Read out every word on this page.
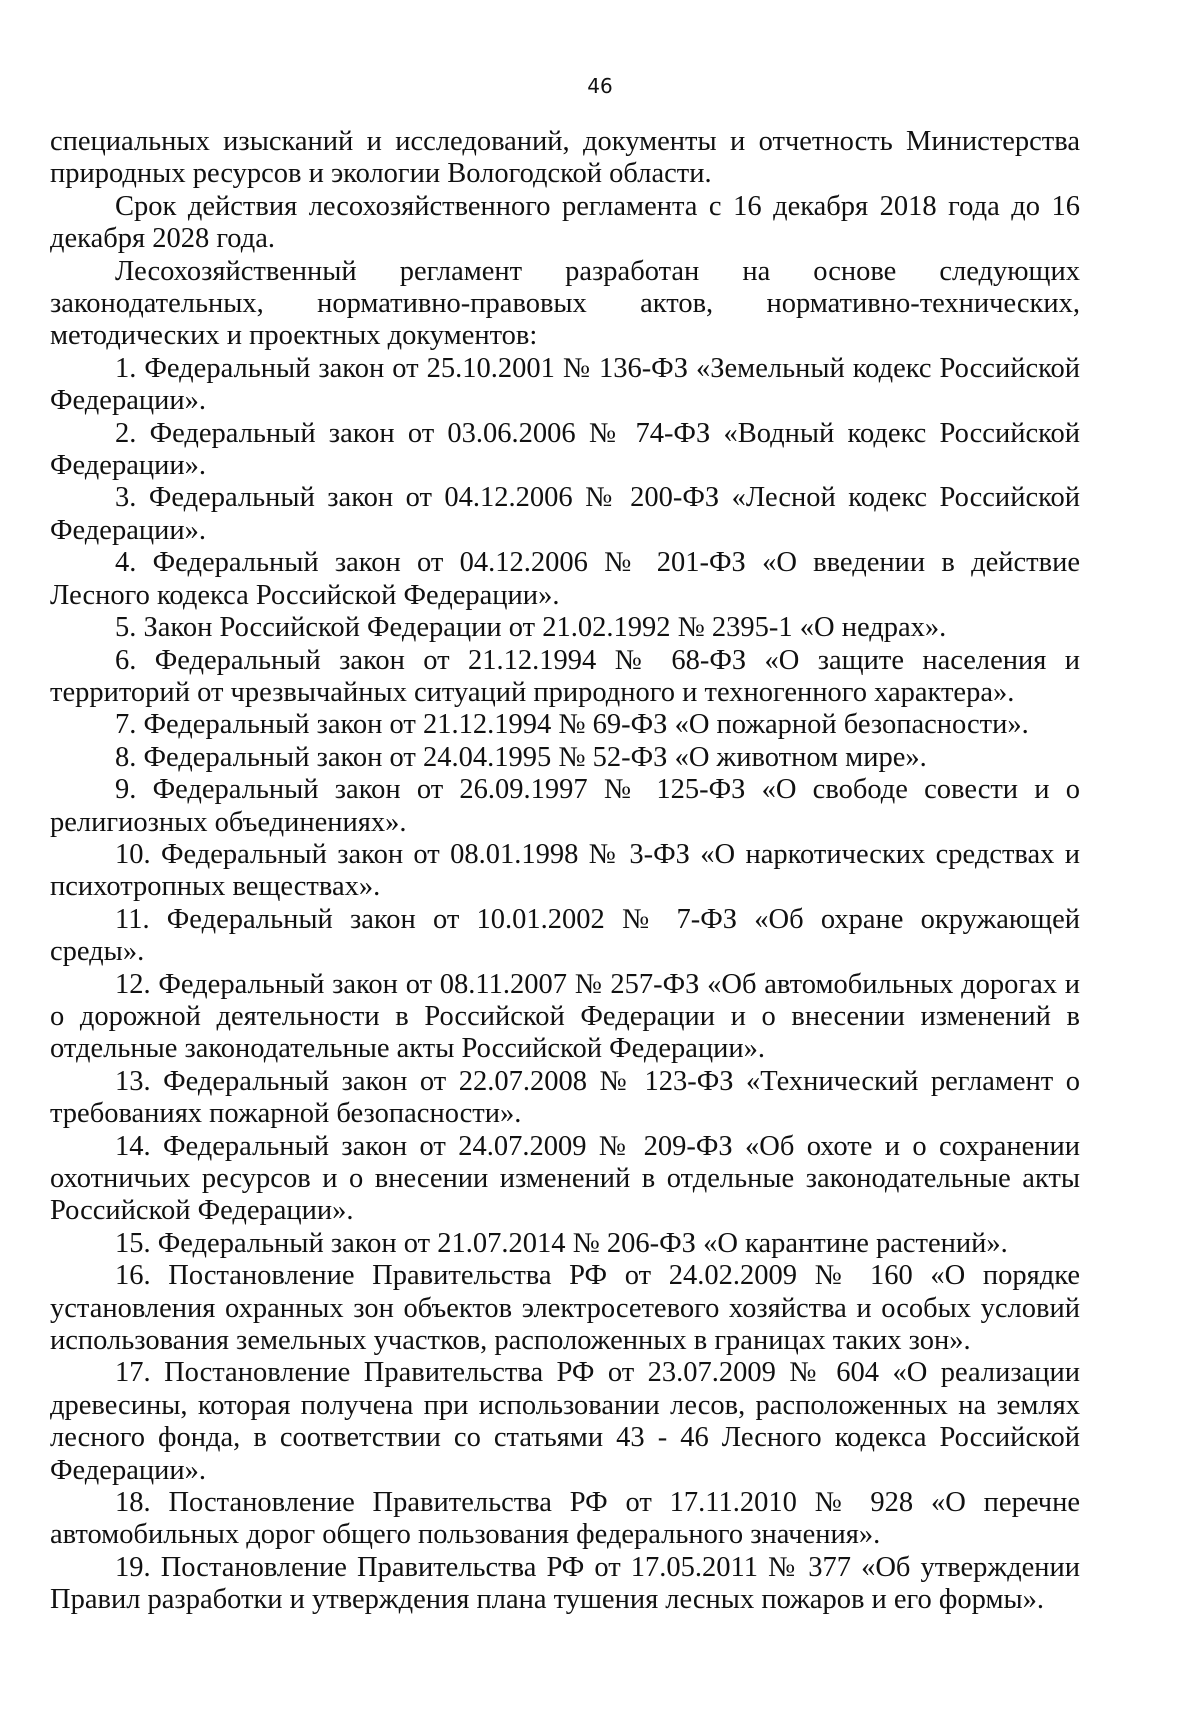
46
специальных изысканий и исследований, документы и отчетность Министерства
природных ресурсов и экологии Вологодской области.
Срок действия лесохозяйственного регламента с 16 декабря 2018 года до 16
декабря 2028 года.
Лесохозяйственный регламент разработан на основе следующих
законодательных, нормативно-правовых актов, нормативно-технических,
методических и проектных документов:
1. Федеральный закон от 25.10.2001 № 136-ФЗ «Земельный кодекс Российской
Федерации».
2. Федеральный закон от 03.06.2006 № 74-ФЗ «Водный кодекс Российской
Федерации».
3. Федеральный закон от 04.12.2006 № 200-ФЗ «Лесной кодекс Российской
Федерации».
4. Федеральный закон от 04.12.2006 № 201-ФЗ «О введении в действие
Лесного кодекса Российской Федерации».
5. Закон Российской Федерации от 21.02.1992 № 2395-1 «О недрах».
6. Федеральный закон от 21.12.1994 № 68-ФЗ «О защите населения и
территорий от чрезвычайных ситуаций природного и техногенного характера».
7. Федеральный закон от 21.12.1994 № 69-ФЗ «О пожарной безопасности».
8. Федеральный закон от 24.04.1995 № 52-ФЗ «О животном мире».
9. Федеральный закон от 26.09.1997 № 125-ФЗ «О свободе совести и о
религиозных объединениях».
10. Федеральный закон от 08.01.1998 № 3-ФЗ «О наркотических средствах и
психотропных веществах».
11. Федеральный закон от 10.01.2002 № 7-ФЗ «Об охране окружающей
среды».
12. Федеральный закон от 08.11.2007 № 257-ФЗ «Об автомобильных дорогах и
о дорожной деятельности в Российской Федерации и о внесении изменений в
отдельные законодательные акты Российской Федерации».
13. Федеральный закон от 22.07.2008 № 123-ФЗ «Технический регламент о
требованиях пожарной безопасности».
14. Федеральный закон от 24.07.2009 № 209-ФЗ «Об охоте и о сохранении
охотничьих ресурсов и о внесении изменений в отдельные законодательные акты
Российской Федерации».
15. Федеральный закон от 21.07.2014 № 206-ФЗ «О карантине растений».
16. Постановление Правительства РФ от 24.02.2009 № 160 «О порядке
установления охранных зон объектов электросетевого хозяйства и особых условий
использования земельных участков, расположенных в границах таких зон».
17. Постановление Правительства РФ от 23.07.2009 № 604 «О реализации
древесины, которая получена при использовании лесов, расположенных на землях
лесного фонда, в соответствии со статьями 43 - 46 Лесного кодекса Российской
Федерации».
18. Постановление Правительства РФ от 17.11.2010 № 928 «О перечне
автомобильных дорог общего пользования федерального значения».
19. Постановление Правительства РФ от 17.05.2011 № 377 «Об утверждении
Правил разработки и утверждения плана тушения лесных пожаров и его формы».
